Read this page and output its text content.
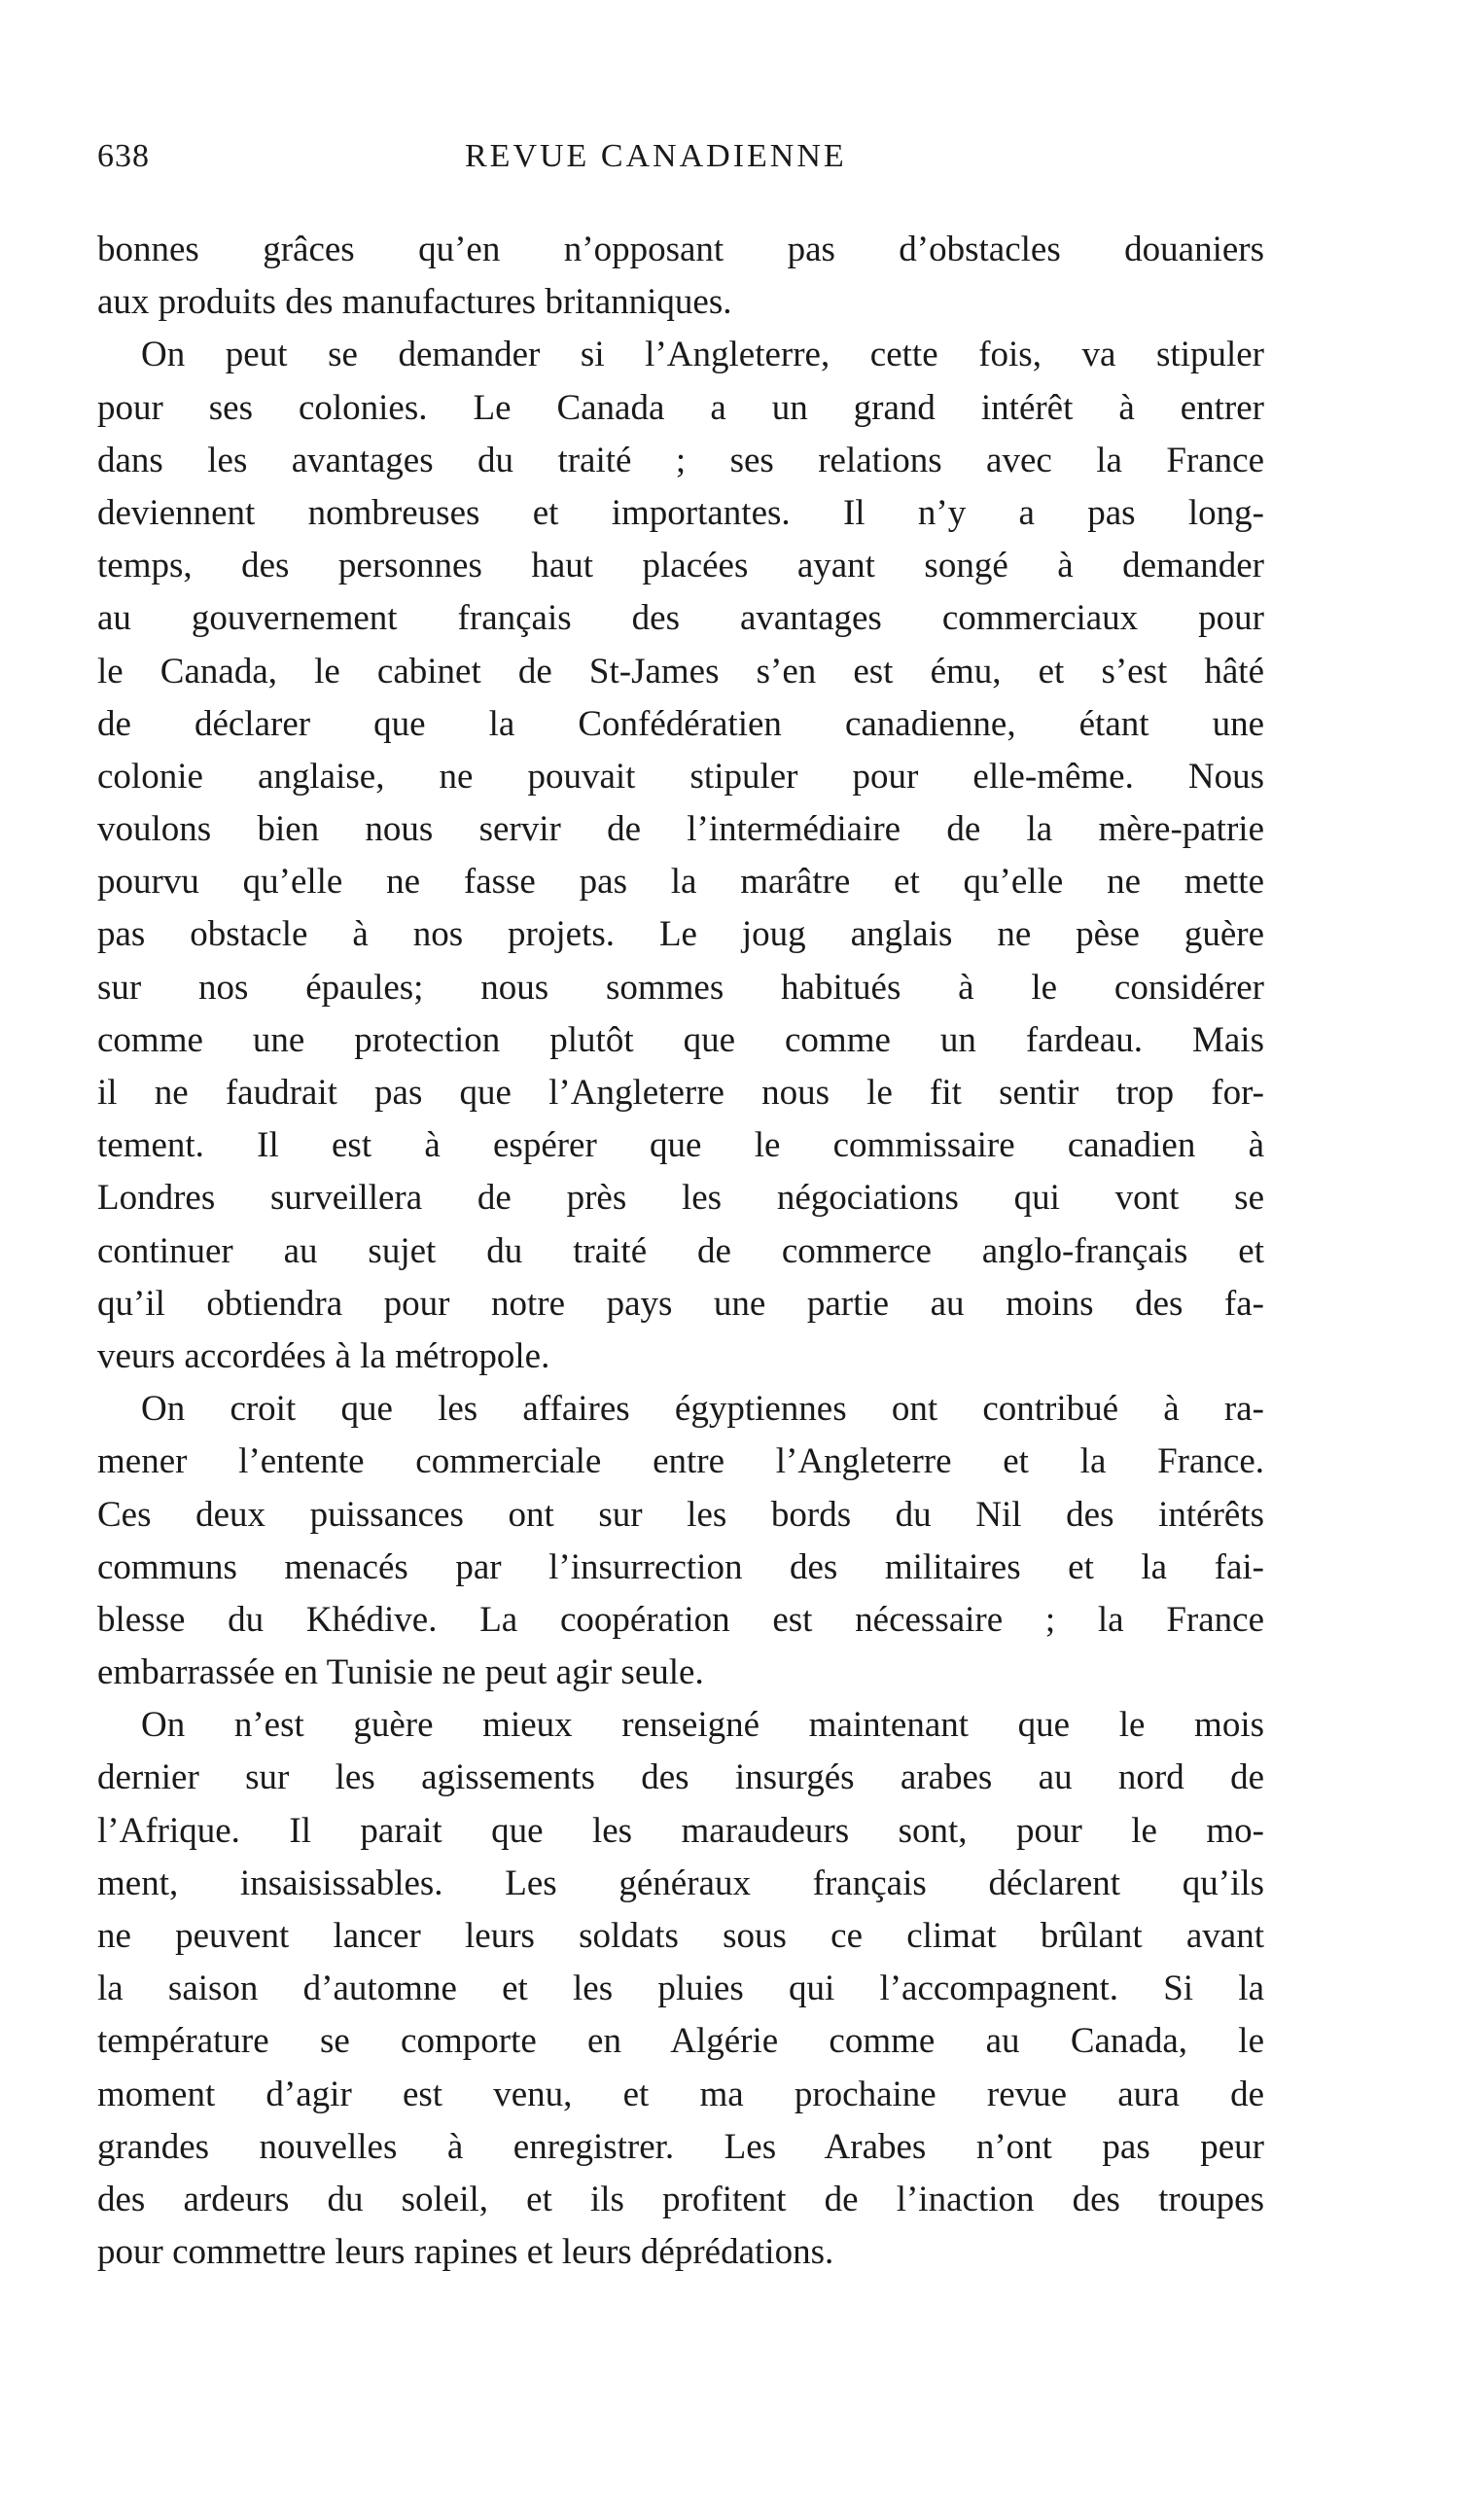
638	REVUE CANADIENNE
bonnes grâces qu’en n’opposant pas d’obstacles douaniers
aux produits des manufactures britanniques.
On peut se demander si l’Angleterre, cette fois, va stipuler
pour ses colonies. Le Canada a un grand intérêt à entrer
dans les avantages du traité ; ses relations avec la France
deviennent nombreuses et importantes. Il n’y a pas long-
temps, des personnes haut placées ayant songé à demander
au gouvernement français des avantages commerciaux pour
le Canada, le cabinet de St-James s’en est ému, et s’est hâté
de déclarer que la Confédératien canadienne, étant une
colonie anglaise, ne pouvait stipuler pour elle-même. Nous
voulons bien nous servir de l’intermédiaire de la mère-patrie
pourvu qu’elle ne fasse pas la marâtre et qu’elle ne mette
pas obstacle à nos projets. Le joug anglais ne pèse guère
sur nos épaules; nous sommes habitués à le considérer
comme une protection plutôt que comme un fardeau. Mais
il ne faudrait pas que l’Angleterre nous le fit sentir trop for-
tement. Il est à espérer que le commissaire canadien à
Londres surveillera de près les négociations qui vont se
continuer au sujet du traité de commerce anglo-français et
qu’il obtiendra pour notre pays une partie au moins des fa-
veurs accordées à la métropole.
On croit que les affaires égyptiennes ont contribué à ra-
mener l’entente commerciale entre l’Angleterre et la France.
Ces deux puissances ont sur les bords du Nil des intérêts
communs menacés par l’insurrection des militaires et la fai-
blesse du Khédive. La coopération est nécessaire ; la France
embarrassée en Tunisie ne peut agir seule.
On n’est guère mieux renseigné maintenant que le mois
dernier sur les agissements des insurgés arabes au nord de
l’Afrique. Il parait que les maraudeurs sont, pour le mo-
ment, insaisissables. Les généraux français déclarent qu’ils
ne peuvent lancer leurs soldats sous ce climat brûlant avant
la saison d’automne et les pluies qui l’accompagnent. Si la
température se comporte en Algérie comme au Canada, le
moment d’agir est venu, et ma prochaine revue aura de
grandes nouvelles à enregistrer. Les Arabes n’ont pas peur
des ardeurs du soleil, et ils profitent de l’inaction des troupes
pour commettre leurs rapines et leurs déprédations.
